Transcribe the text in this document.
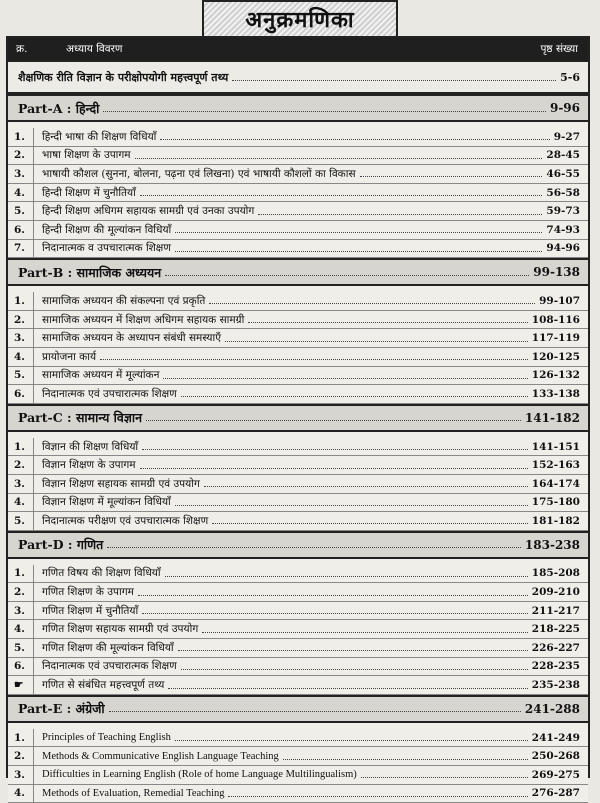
अनुक्रमणिका
क्र.	अध्याय विवरण	पृष्ठ संख्या
शैक्षणिक रीति विज्ञान के परीक्षोपयोगी महत्त्वपूर्ण तथ्य	5-6
Part-A : हिन्दी	9-96
1.	हिन्दी भाषा की शिक्षण विधियाँ	9-27
2.	भाषा शिक्षण के उपागम	28-45
3.	भाषायी कौशल (सुनना, बोलना, पढ़ना एवं लिखना) एवं भाषायी कौशलों का विकास	46-55
4.	हिन्दी शिक्षण में चुनौतियाँ	56-58
5.	हिन्दी शिक्षण अधिगम सहायक सामग्री एवं उनका उपयोग	59-73
6.	हिन्दी शिक्षण की मूल्यांकन विधियाँ	74-93
7.	निदानात्मक व उपचारात्मक शिक्षण	94-96
Part-B : सामाजिक अध्ययन	99-138
1.	सामाजिक अध्ययन की संकल्पना एवं प्रकृति	99-107
2.	सामाजिक अध्ययन में शिक्षण अधिगम सहायक सामग्री	108-116
3.	सामाजिक अध्ययन के अध्यापन संबंधी समस्याएँ	117-119
4.	प्रायोजना कार्य	120-125
5.	सामाजिक अध्ययन में मूल्यांकन	126-132
6.	निदानात्मक एवं उपचारात्मक शिक्षण	133-138
Part-C : सामान्य विज्ञान	141-182
1.	विज्ञान की शिक्षण विधियाँ	141-151
2.	विज्ञान शिक्षण के उपागम	152-163
3.	विज्ञान शिक्षण सहायक सामग्री एवं उपयोग	164-174
4.	विज्ञान शिक्षण में मूल्यांकन विधियाँ	175-180
5.	निदानात्मक परीक्षण एवं उपचारात्मक शिक्षण	181-182
Part-D : गणित	183-238
1.	गणित विषय की शिक्षण विधियाँ	185-208
2.	गणित शिक्षण के उपागम	209-210
3.	गणित शिक्षण में चुनौतियाँ	211-217
4.	गणित शिक्षण सहायक सामग्री एवं उपयोग	218-225
5.	गणित शिक्षण की मूल्यांकन विधियाँ	226-227
6.	निदानात्मक एवं उपचारात्मक शिक्षण	228-235
☛	गणित से संबंधित महत्त्वपूर्ण तथ्य	235-238
Part-E : अंग्रेजी	241-288
1.	Principles of Teaching English	241-249
2.	Methods & Communicative English Language Teaching	250-268
3.	Difficulties in Learning English (Role of home Language Multilingualism)	269-275
4.	Methods of Evaluation, Remedial Teaching	276-287
